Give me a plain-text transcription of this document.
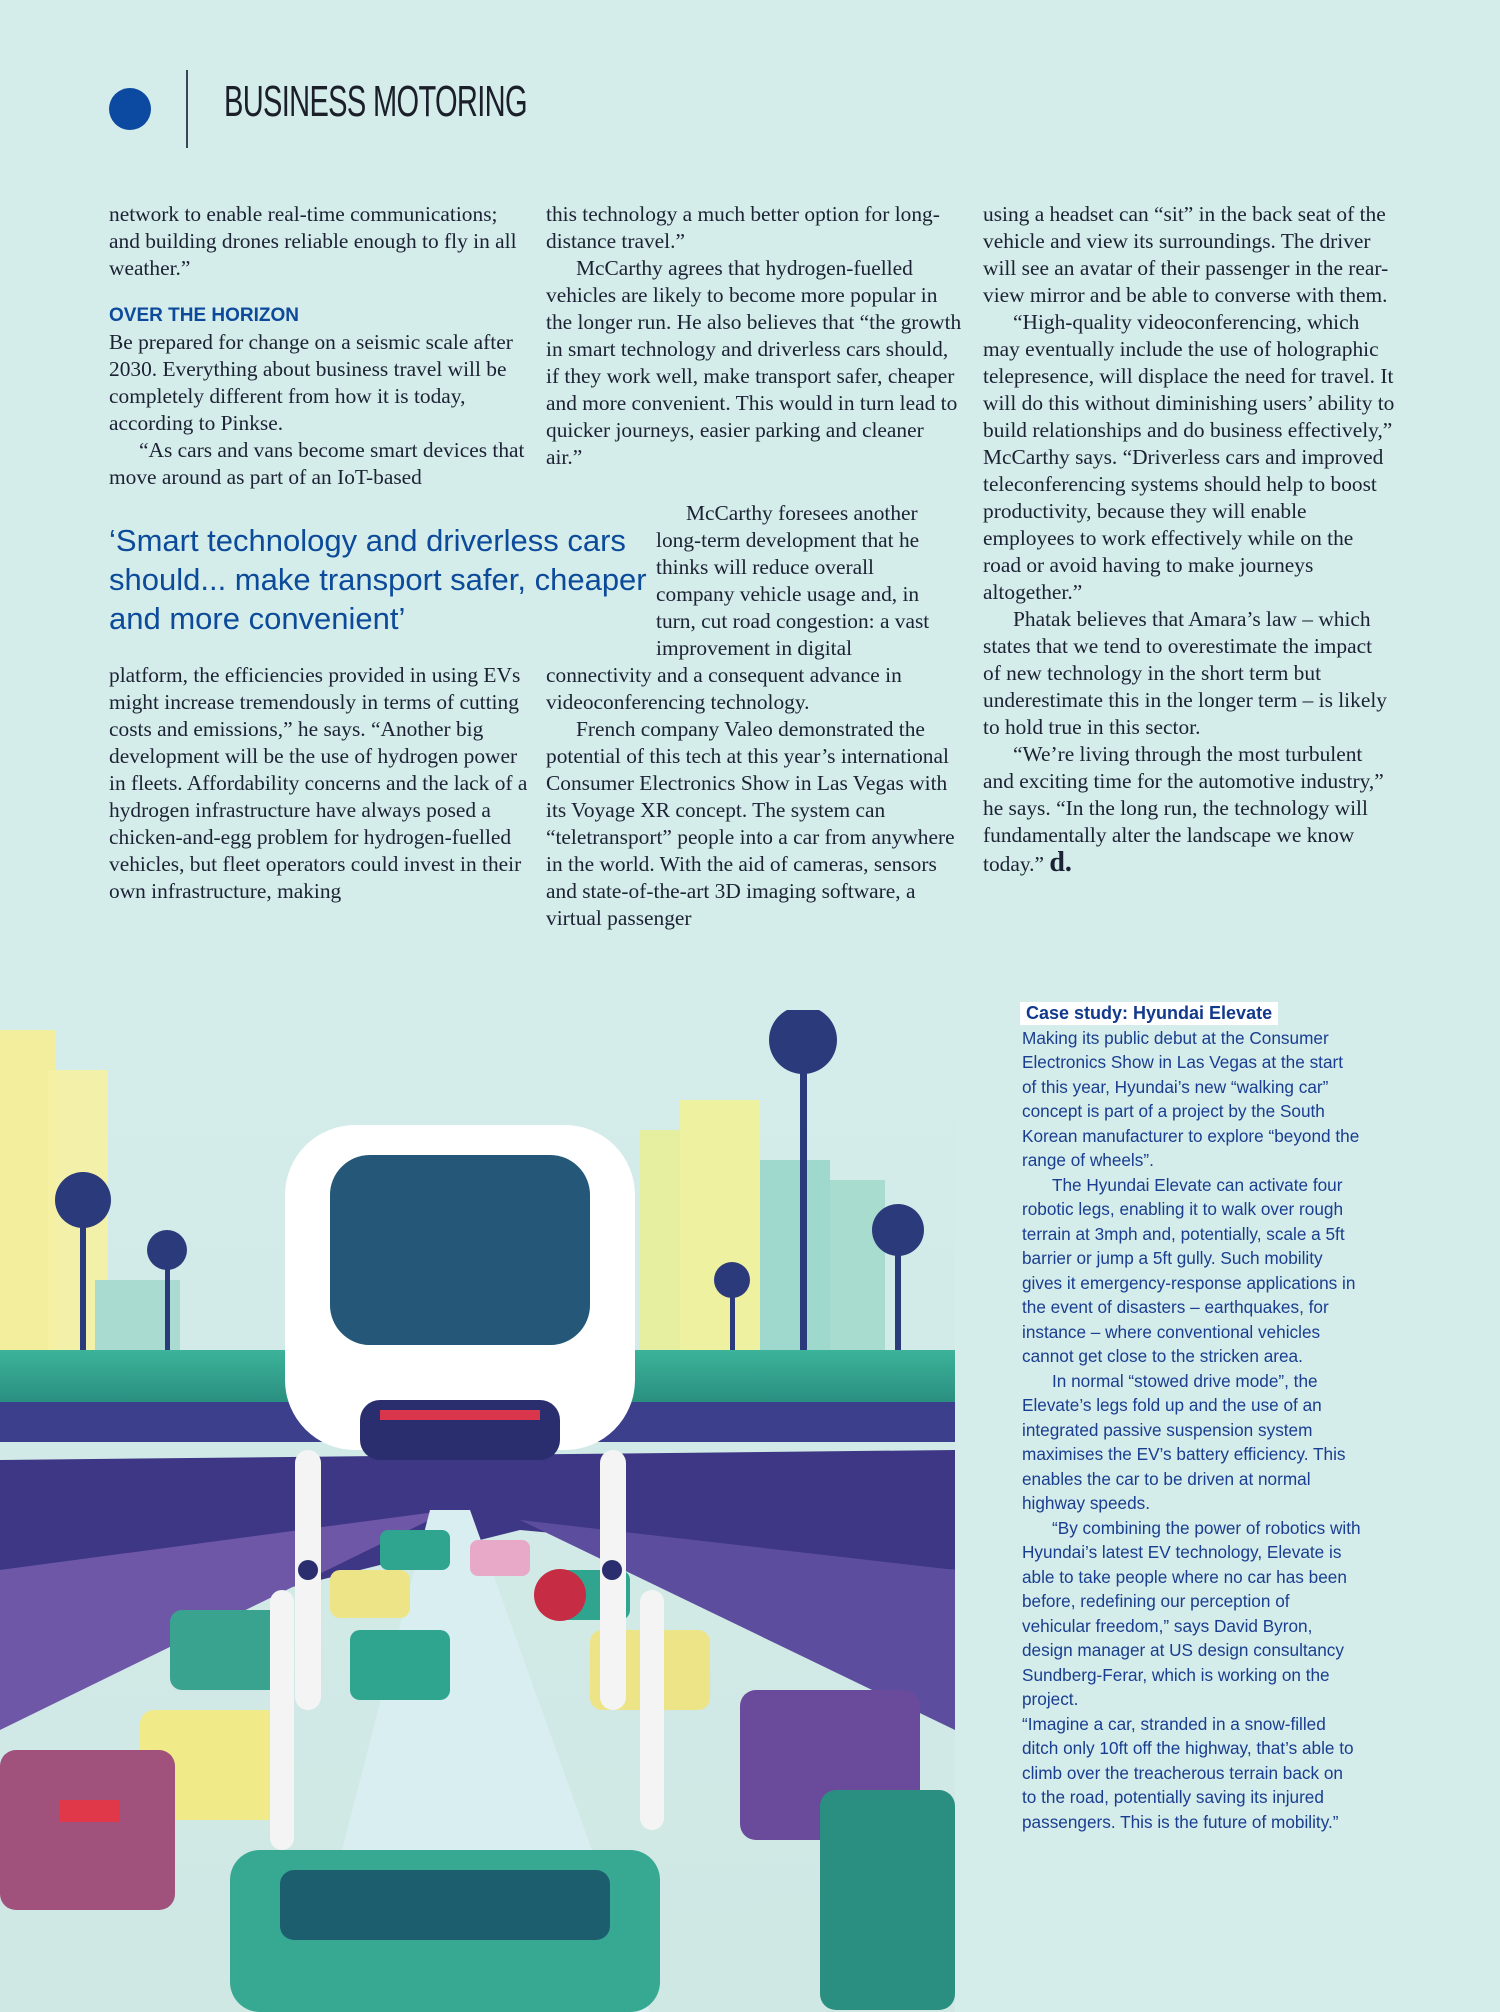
BUSINESS MOTORING

network to enable real-time communications; and building drones reliable enough to fly in all weather.”

OVER THE HORIZON

Be prepared for change on a seismic scale after 2030. Everything about business travel will be completely different from how it is today, according to Pinkse.

“As cars and vans become smart devices that move around as part of an IoT-based

‘Smart technology and driverless cars should... make transport safer, cheaper and more convenient’

platform, the efficiencies provided in using EVs might increase tremendously in terms of cutting costs and emissions,” he says. “Another big development will be the use of hydrogen power in fleets. Affordability concerns and the lack of a hydrogen infrastructure have always posed a chicken-and-egg problem for hydrogen-fuelled vehicles, but fleet operators could invest in their own infrastructure, making

this technology a much better option for long-distance travel.”

McCarthy agrees that hydrogen-fuelled vehicles are likely to become more popular in the longer run. He also believes that “the growth in smart technology and driverless cars should, if they work well, make transport safer, cheaper and more convenient. This would in turn lead to quicker journeys, easier parking and cleaner air.”

McCarthy foresees another long-term development that he thinks will reduce overall company vehicle usage and, in turn, cut road congestion: a vast improvement in digital

connectivity and a consequent advance in videoconferencing technology.

French company Valeo demonstrated the potential of this tech at this year’s international Consumer Electronics Show in Las Vegas with its Voyage XR concept. The system can “teletransport” people into a car from anywhere in the world. With the aid of cameras, sensors and state-of-the-art 3D imaging software, a virtual passenger

using a headset can “sit” in the back seat of the vehicle and view its surroundings. The driver will see an avatar of their passenger in the rear-view mirror and be able to converse with them.

“High-quality videoconferencing, which may eventually include the use of holographic telepresence, will displace the need for travel. It will do this without diminishing users’ ability to build relationships and do business effectively,” McCarthy says. “Driverless cars and improved teleconferencing systems should help to boost productivity, because they will enable employees to work effectively while on the road or avoid having to make journeys altogether.”

Phatak believes that Amara’s law – which states that we tend to overestimate the impact of new technology in the short term but underestimate this in the longer term – is likely to hold true in this sector.

“We’re living through the most turbulent and exciting time for the automotive industry,” he says. “In the long run, the technology will fundamentally alter the landscape we know today.” d.

Case study: Hyundai Elevate

Making its public debut at the Consumer Electronics Show in Las Vegas at the start of this year, Hyundai’s new “walking car” concept is part of a project by the South Korean manufacturer to explore “beyond the range of wheels”.

The Hyundai Elevate can activate four robotic legs, enabling it to walk over rough terrain at 3mph and, potentially, scale a 5ft barrier or jump a 5ft gully. Such mobility gives it emergency-response applications in the event of disasters – earthquakes, for instance – where conventional vehicles cannot get close to the stricken area.

In normal “stowed drive mode”, the Elevate’s legs fold up and the use of an integrated passive suspension system maximises the EV’s battery efficiency. This enables the car to be driven at normal highway speeds.

“By combining the power of robotics with Hyundai’s latest EV technology, Elevate is able to take people where no car has been before, redefining our perception of vehicular freedom,” says David Byron, design manager at US design consultancy Sundberg-Ferar, which is working on the project.

“Imagine a car, stranded in a snow-filled ditch only 10ft off the highway, that’s able to climb over the treacherous terrain back on to the road, potentially saving its injured passengers. This is the future of mobility.”
